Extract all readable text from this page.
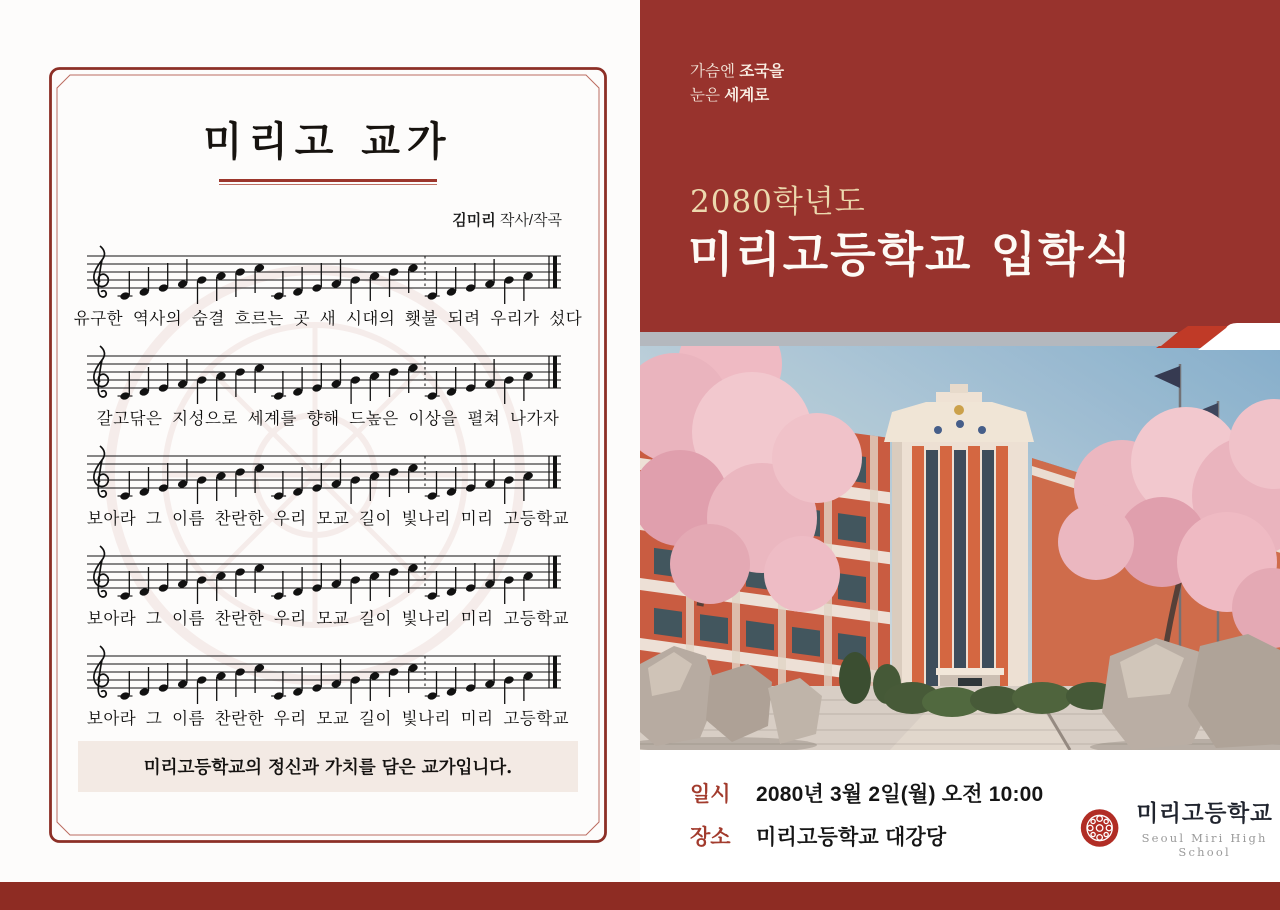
미리고 교가
김미리 작사/작곡
유구한 역사의 숨결 흐르는 곳 새 시대의 횃불 되려 우리가 섰다
갈고닦은 지성으로 세계를 향해 드높은 이상을 펼쳐 나가자
보아라 그 이름 찬란한 우리 모교 길이 빛나리 미리 고등학교
보아라 그 이름 찬란한 우리 모교 길이 빛나리 미리 고등학교
보아라 그 이름 찬란한 우리 모교 길이 빛나리 미리 고등학교
미리고등학교의 정신과 가치를 담은 교가입니다.
가슴엔 조국을
눈은 세계로
2080학년도
미리고등학교 입학식
일시	2080년 3월 2일(월) 오전 10:00
장소	미리고등학교 대강당
미리고등학교
Seoul Miri High School
